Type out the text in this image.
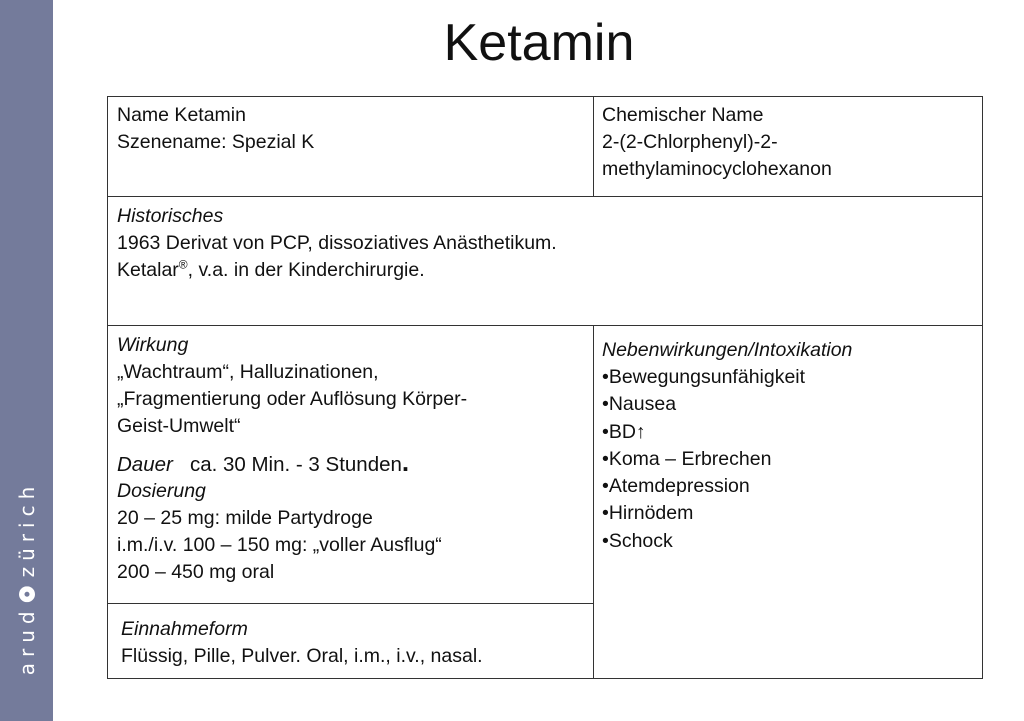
arud
zürich
Ketamin
Name Ketamin
Szenename: Spezial K
Chemischer Name
2-(2-Chlorphenyl)-2-
methylaminocyclohexanon
Historisches
1963 Derivat von PCP, dissoziatives Anästhetikum.
Ketalar®, v.a. in der Kinderchirurgie.
Wirkung
„Wachtraum“, Halluzinationen,
„Fragmentierung oder Auflösung Körper-
Geist-Umwelt“
Dauer ca. 30 Min. - 3 Stunden.
Dosierung
20 – 25 mg: milde Partydroge
i.m./i.v. 100 – 150 mg: „voller Ausflug“
200 – 450 mg oral
Nebenwirkungen/Intoxikation
•Bewegungsunfähigkeit
•Nausea
•BD↑
•Koma – Erbrechen
•Atemdepression
•Hirnödem
•Schock
Einnahmeform
Flüssig, Pille, Pulver. Oral, i.m., i.v., nasal.
